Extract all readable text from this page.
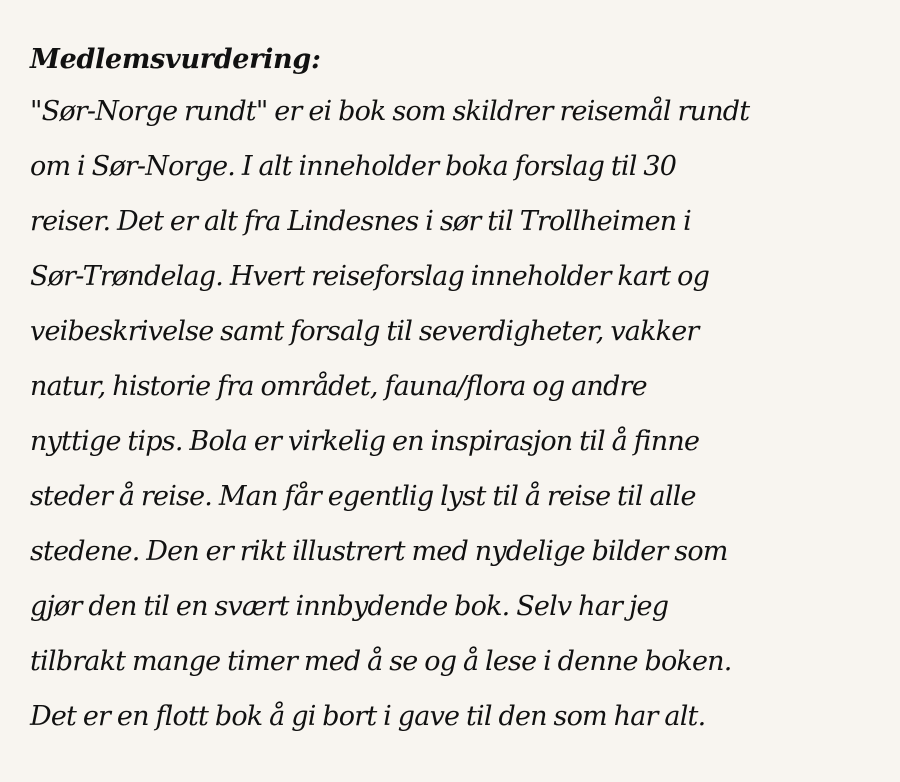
Medlemsvurdering:

"Sør-Norge rundt" er ei bok som skildrer reisemål rundt
om i Sør-Norge. I alt inneholder boka forslag til 30
reiser. Det er alt fra Lindesnes i sør til Trollheimen i
Sør-Trøndelag. Hvert reiseforslag inneholder kart og
veibeskrivelse samt forsalg til severdigheter, vakker
natur, historie fra området, fauna/flora og andre
nyttige tips. Bola er virkelig en inspirasjon til å finne
steder å reise. Man får egentlig lyst til å reise til alle
stedene. Den er rikt illustrert med nydelige bilder som
gjør den til en svært innbydende bok. Selv har jeg
tilbrakt mange timer med å se og å lese i denne boken.
Det er en flott bok å gi bort i gave til den som har alt.
